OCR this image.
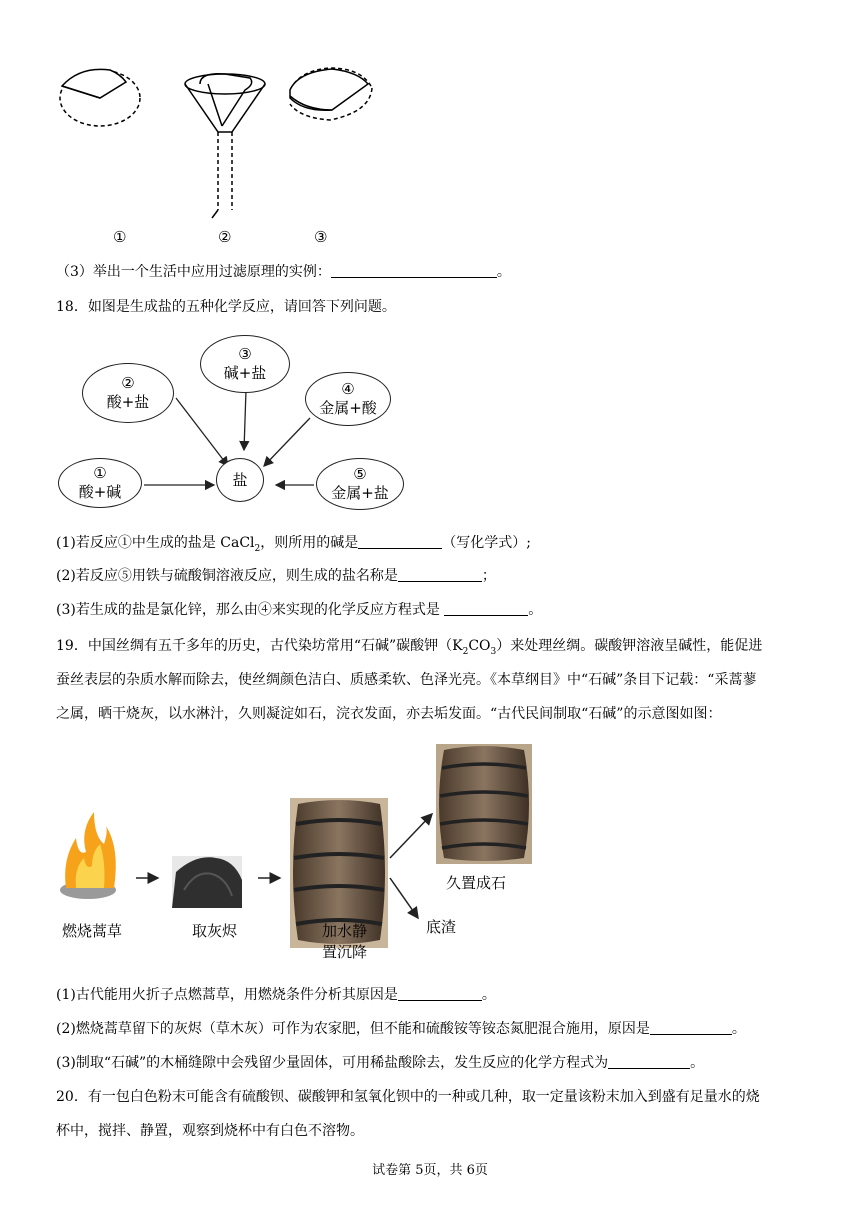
①	②	③
（3）举出一个生活中应用过滤原理的实例：	。
18．如图是生成盐的五种化学反应，请回答下列问题。
盐
①
酸+碱
②
酸+盐
③
碱+盐
④
金属+酸
⑤
金属+盐
(1)若反应①中生成的盐是 CaCl$_2$，则所用的碱是	（写化学式）;
(2)若反应⑤用铁与硫酸铜溶液反应，则生成的盐名称是	；
(3)若生成的盐是氯化锌，那么由④来实现的化学反应方程式是	。
19．中国丝绸有五千多年的历史，古代染坊常用“石碱”碳酸钾$(K_2CO_3)$来处理丝绸。碳酸钾溶液呈碱性，能促进
蚕丝表层的杂质水解而除去，使丝绸颜色洁白、质感柔软、色泽光亮。《本草纲目》中“石碱”条目下记载：“采蒿蓼
之属，晒干烧灰，以水淋汁，久则凝淀如石，浣衣发面，亦去垢发面。“古代民间制取“石碱”的示意图如图：
燃烧蒿草	取灰烬	加水静
置沉降
久置成石
底渣
(1)古代能用火折子点燃蒿草，用燃烧条件分析其原因是	。
(2)燃烧蒿草留下的灰烬（草木灰）可作为农家肥，但不能和硫酸铵等铵态氮肥混合施用，原因是	。
(3)制取“石碱”的木桶缝隙中会残留少量固体，可用稀盐酸除去，发生反应的化学方程式为	。
20．有一包白色粉末可能含有硫酸钡、碳酸钾和氢氧化钡中的一种或几种，取一定量该粉末加入到盛有足量水的烧
杯中，搅拌、静置，观察到烧杯中有白色不溶物。
试卷第 5页，共 6页
